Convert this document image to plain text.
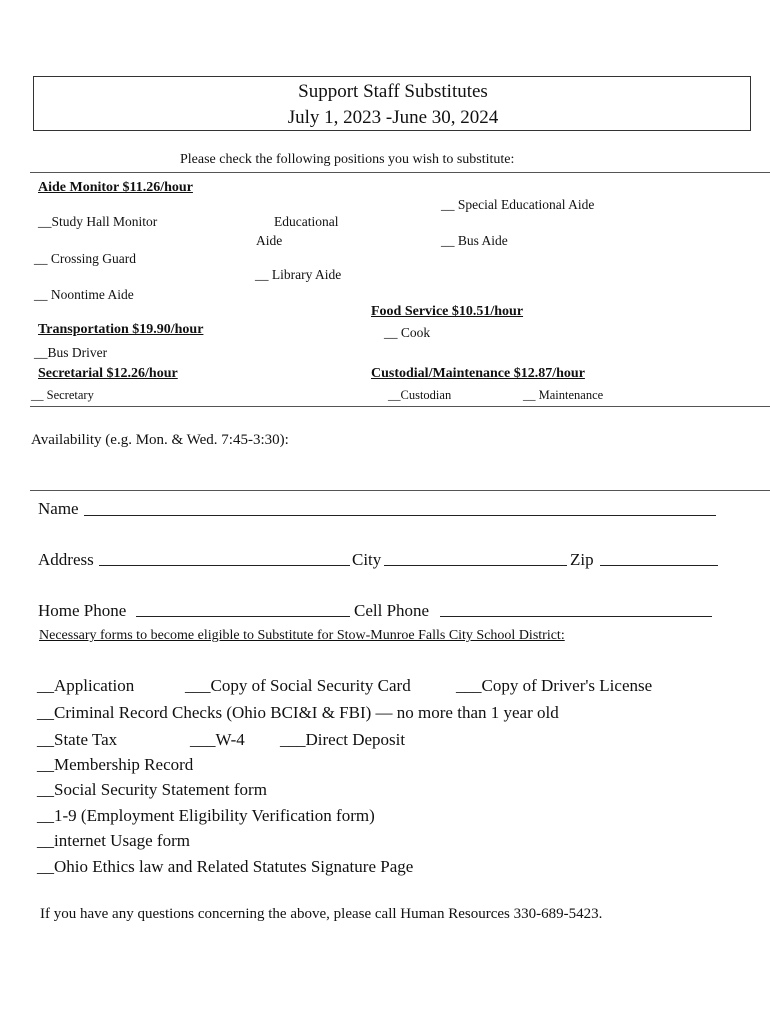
Support Staff Substitutes
July 1, 2023 -June 30, 2024
Please check the following positions you wish to substitute:
Aide Monitor $11.26/hour
__Study Hall Monitor	Educational
Aide
__ Special Educational Aide
__ Bus Aide
__ Crossing Guard
__ Library Aide
__ Noontime Aide
Food Service $10.51/hour
__ Cook
Transportation $19.90/hour
__Bus Driver
Secretarial $12.26/hour
__ Secretary
Custodial/Maintenance $12.87/hour
__Custodian	__ Maintenance
Availability (e.g. Mon. & Wed. 7:45-3:30):
Name
Address	City	Zip
Home Phone	Cell Phone
Necessary forms to become eligible to Substitute for Stow-Munroe Falls City School District:
__Application	___Copy of Social Security Card	___Copy of Driver's License
__Criminal Record Checks (Ohio BCI&I & FBI) — no more than 1 year old
__State Tax	___W-4 ___Direct Deposit
__Membership Record
__Social Security Statement form
__1-9 (Employment Eligibility Verification form)
__internet Usage form
__Ohio Ethics law and Related Statutes Signature Page
If you have any questions concerning the above, please call Human Resources 330-689-5423.
